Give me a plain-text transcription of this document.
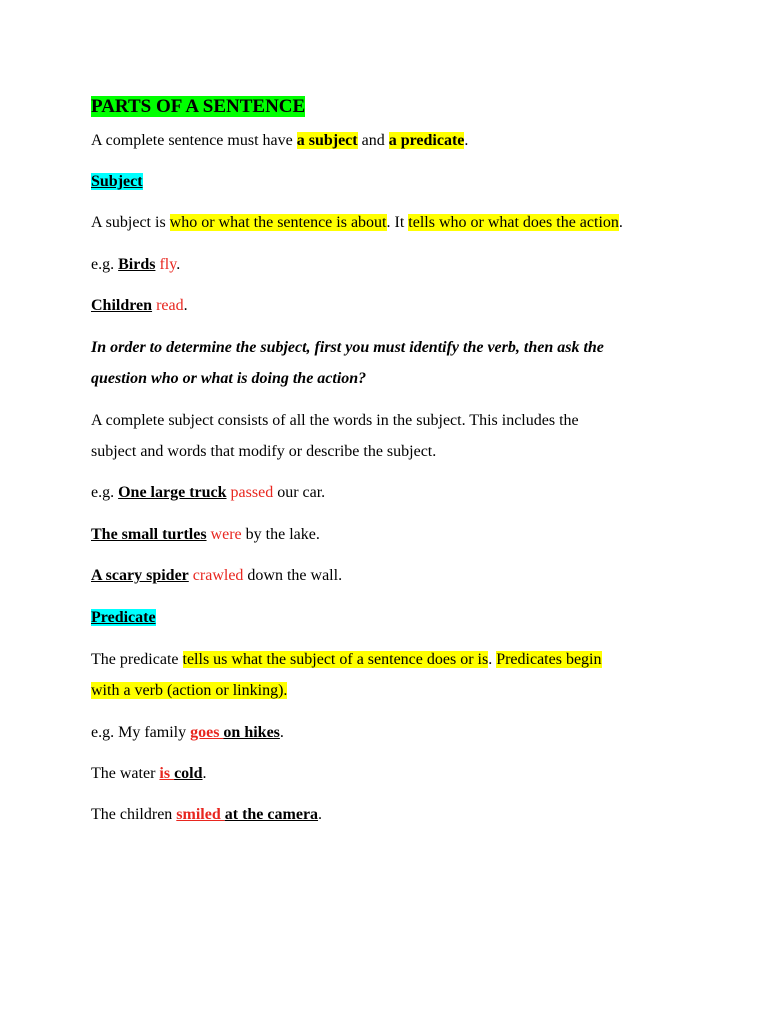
PARTS OF A SENTENCE
A complete sentence must have a subject and a predicate.
Subject
A subject is who or what the sentence is about. It tells who or what does the action.
e.g. Birds fly.
Children read.
In order to determine the subject, first you must identify the verb, then ask the
question who or what is doing the action?
A complete subject consists of all the words in the subject. This includes the
subject and words that modify or describe the subject.
e.g. One large truck passed our car.
The small turtles were by the lake.
A scary spider crawled down the wall.
Predicate
The predicate tells us what the subject of a sentence does or is. Predicates begin
with a verb (action or linking).
e.g. My family goes on hikes.
The water is cold.
The children smiled at the camera.
